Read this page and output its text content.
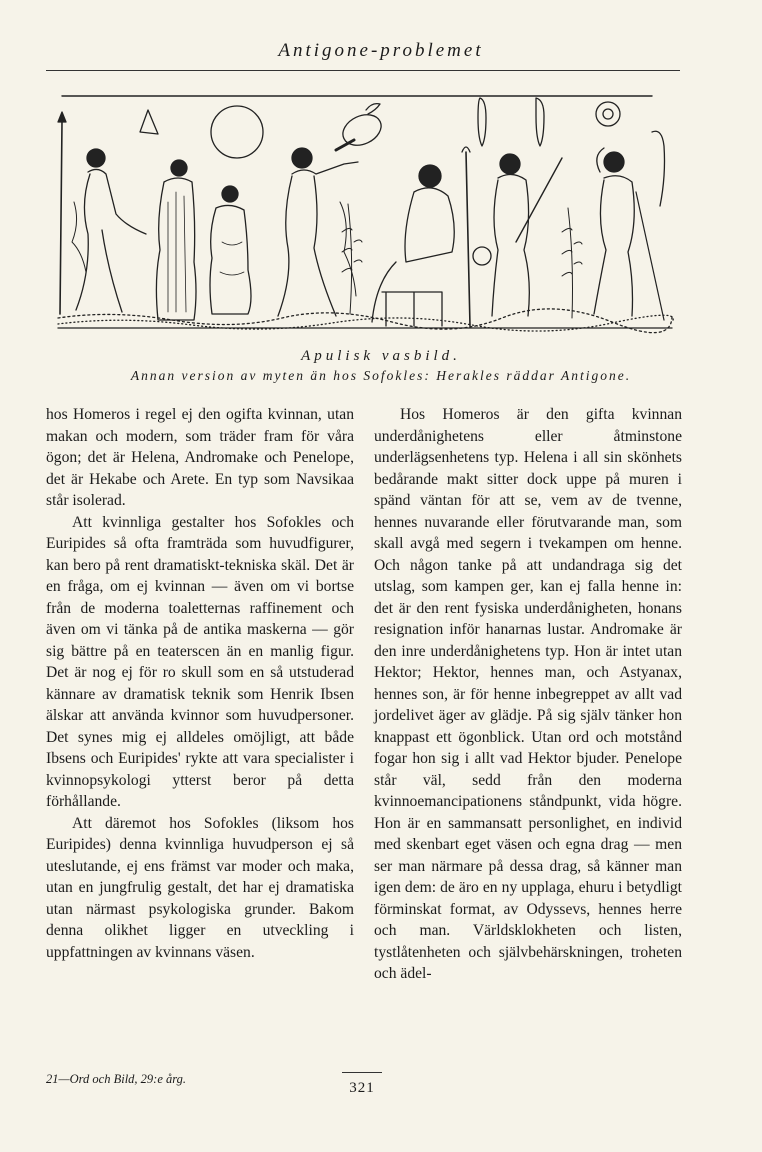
Antigone-problemet
Apulisk vasbild.
Annan version av myten än hos Sofokles: Herakles räddar Antigone.

hos Homeros i regel ej den ogifta kvinnan, utan makan och modern, som träder fram för våra ögon; det är Helena, Andromake och Penelope, det är Hekabe och Arete. En typ som Navsikaa står isolerad.

Att kvinnliga gestalter hos Sofokles och Euripides så ofta framträda som huvudfigurer, kan bero på rent dramatiskt-tekniska skäl. Det är en fråga, om ej kvinnan — även om vi bortse från de moderna toaletternas raffinement och även om vi tänka på de antika maskerna — gör sig bättre på en teaterscen än en manlig figur. Det är nog ej för ro skull som en så utstuderad kännare av dramatisk teknik som Henrik Ibsen älskar att använda kvinnor som huvudpersoner. Det synes mig ej alldeles omöjligt, att både Ibsens och Euripides' rykte att vara specialister i kvinnopsykologi ytterst beror på detta förhållande.

Att däremot hos Sofokles (liksom hos Euripides) denna kvinnliga huvudperson ej så uteslutande, ej ens främst var moder och maka, utan en jungfrulig gestalt, det har ej dramatiska utan närmast psykologiska grunder. Bakom denna olikhet ligger en utveckling i uppfattningen av kvinnans väsen.

Hos Homeros är den gifta kvinnan underdånighetens eller åtminstone underlägsenhetens typ. Helena i all sin skönhets bedårande makt sitter dock uppe på muren i spänd väntan för att se, vem av de tvenne, hennes nuvarande eller förutvarande man, som skall avgå med segern i tvekampen om henne. Och någon tanke på att undandraga sig det utslag, som kampen ger, kan ej falla henne in: det är den rent fysiska underdånigheten, honans resignation inför hanarnas lustar. Andromake är den inre underdånighetens typ. Hon är intet utan Hektor; Hektor, hennes man, och Astyanax, hennes son, är för henne inbegreppet av allt vad jordelivet äger av glädje. På sig själv tänker hon knappast ett ögonblick. Utan ord och motstånd fogar hon sig i allt vad Hektor bjuder. Penelope står väl, sedd från den moderna kvinnoemancipationens ståndpunkt, vida högre. Hon är en sammansatt personlighet, en individ med skenbart eget väsen och egna drag — men ser man närmare på dessa drag, så känner man igen dem: de äro en ny upplaga, ehuru i betydligt förminskat format, av Odyssevs, hennes herre och man. Världsklokheten och listen, tystlåtenheten och självbehärskningen, troheten och ädel-

21—Ord och Bild, 29:e årg.
321
